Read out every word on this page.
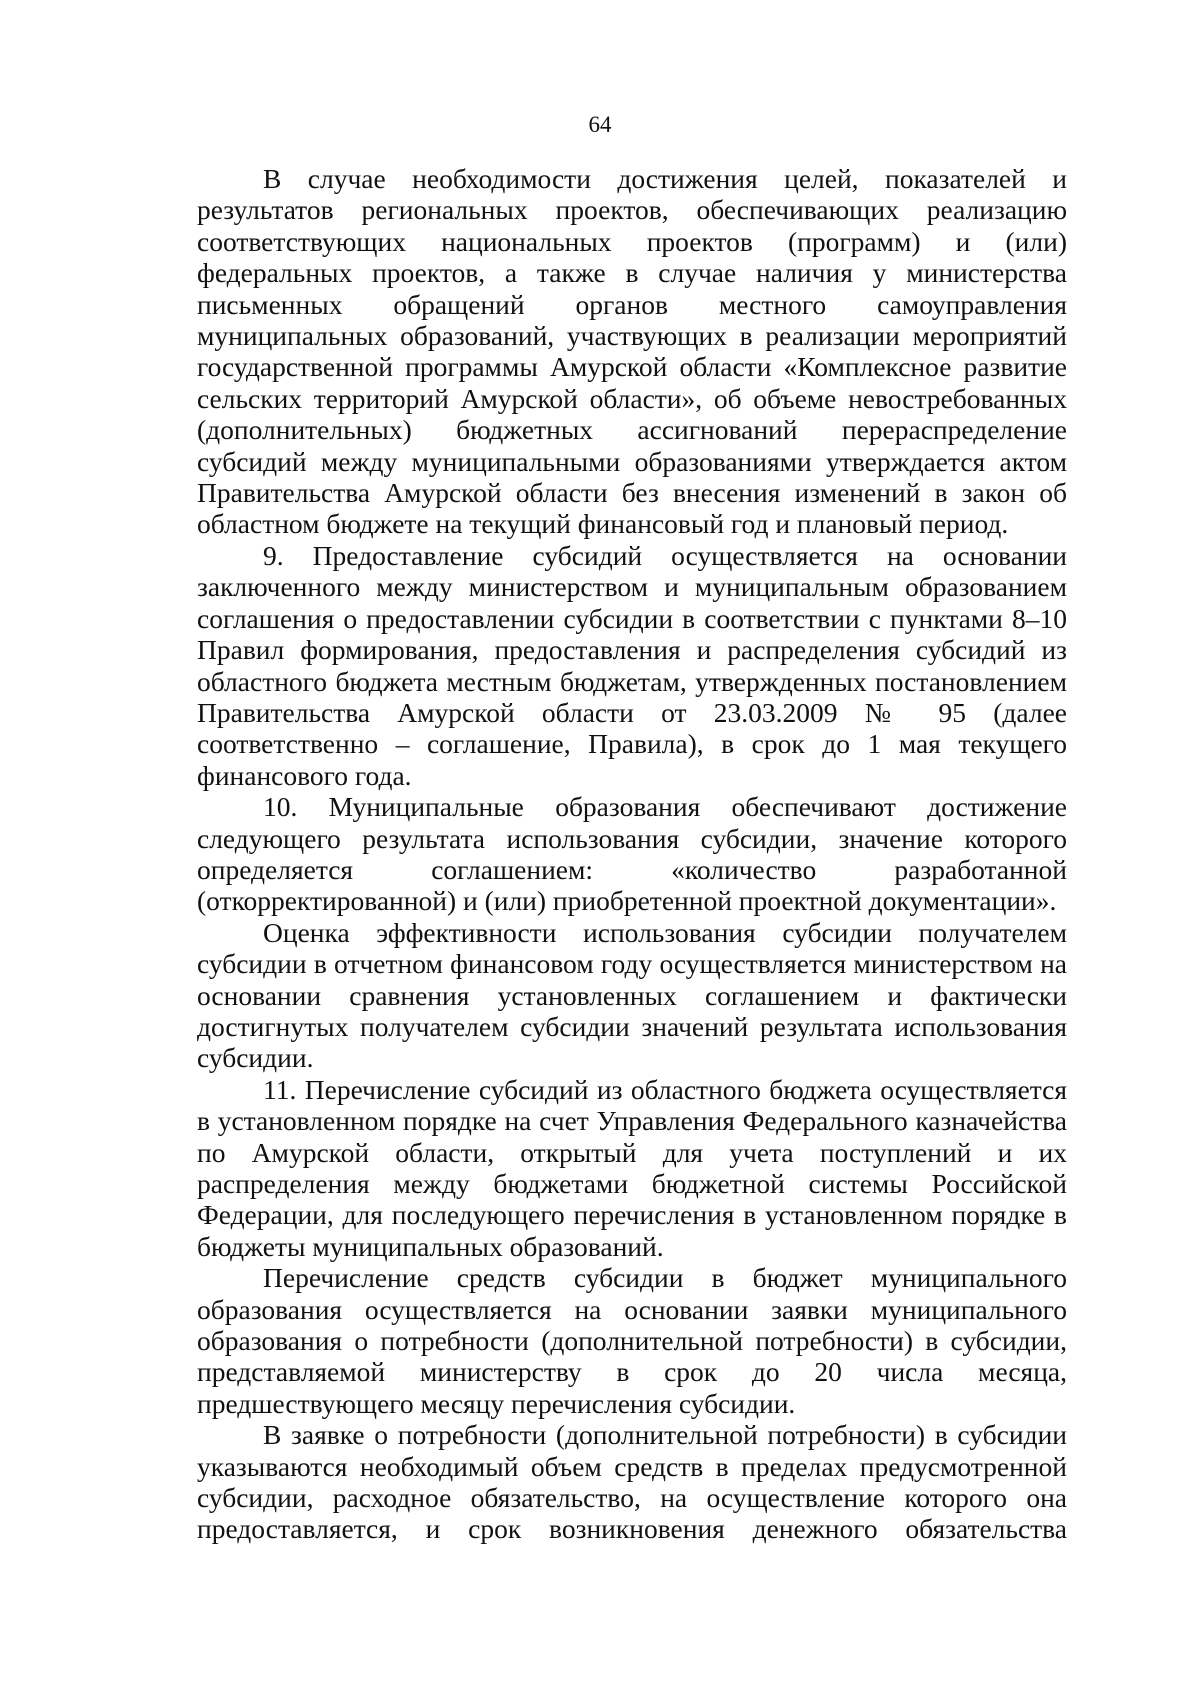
64

В случае необходимости достижения целей, показателей и результатов региональных проектов, обеспечивающих реализацию соответствующих национальных проектов (программ) и (или) федеральных проектов, а также в случае наличия у министерства письменных обращений органов местного самоуправления муниципальных образований, участвующих в реализации мероприятий государственной программы Амурской области «Комплексное развитие сельских территорий Амурской области», об объеме невостребованных (дополнительных) бюджетных ассигнований перераспределение субсидий между муниципальными образованиями утверждается актом Правительства Амурской области без внесения изменений в закон об областном бюджете на текущий финансовый год и плановый период.

9. Предоставление субсидий осуществляется на основании заключенного между министерством и муниципальным образованием соглашения о предоставлении субсидии в соответствии с пунктами 8–10 Правил формирования, предоставления и распределения субсидий из областного бюджета местным бюджетам, утвержденных постановлением Правительства Амурской области от 23.03.2009 № 95 (далее соответственно – соглашение, Правила), в срок до 1 мая текущего финансового года.

10. Муниципальные образования обеспечивают достижение следующего результата использования субсидии, значение которого определяется соглашением: «количество разработанной (откорректированной) и (или) приобретенной проектной документации».

Оценка эффективности использования субсидии получателем субсидии в отчетном финансовом году осуществляется министерством на основании сравнения установленных соглашением и фактически достигнутых получателем субсидии значений результата использования субсидии.

11. Перечисление субсидий из областного бюджета осуществляется в установленном порядке на счет Управления Федерального казначейства по Амурской области, открытый для учета поступлений и их распределения между бюджетами бюджетной системы Российской Федерации, для последующего перечисления в установленном порядке в бюджеты муниципальных образований.

Перечисление средств субсидии в бюджет муниципального образования осуществляется на основании заявки муниципального образования о потребности (дополнительной потребности) в субсидии, представляемой министерству в срок до 20 числа месяца, предшествующего месяцу перечисления субсидии.

В заявке о потребности (дополнительной потребности) в субсидии указываются необходимый объем средств в пределах предусмотренной субсидии, расходное обязательство, на осуществление которого она предоставляется, и срок возникновения денежного обязательства
